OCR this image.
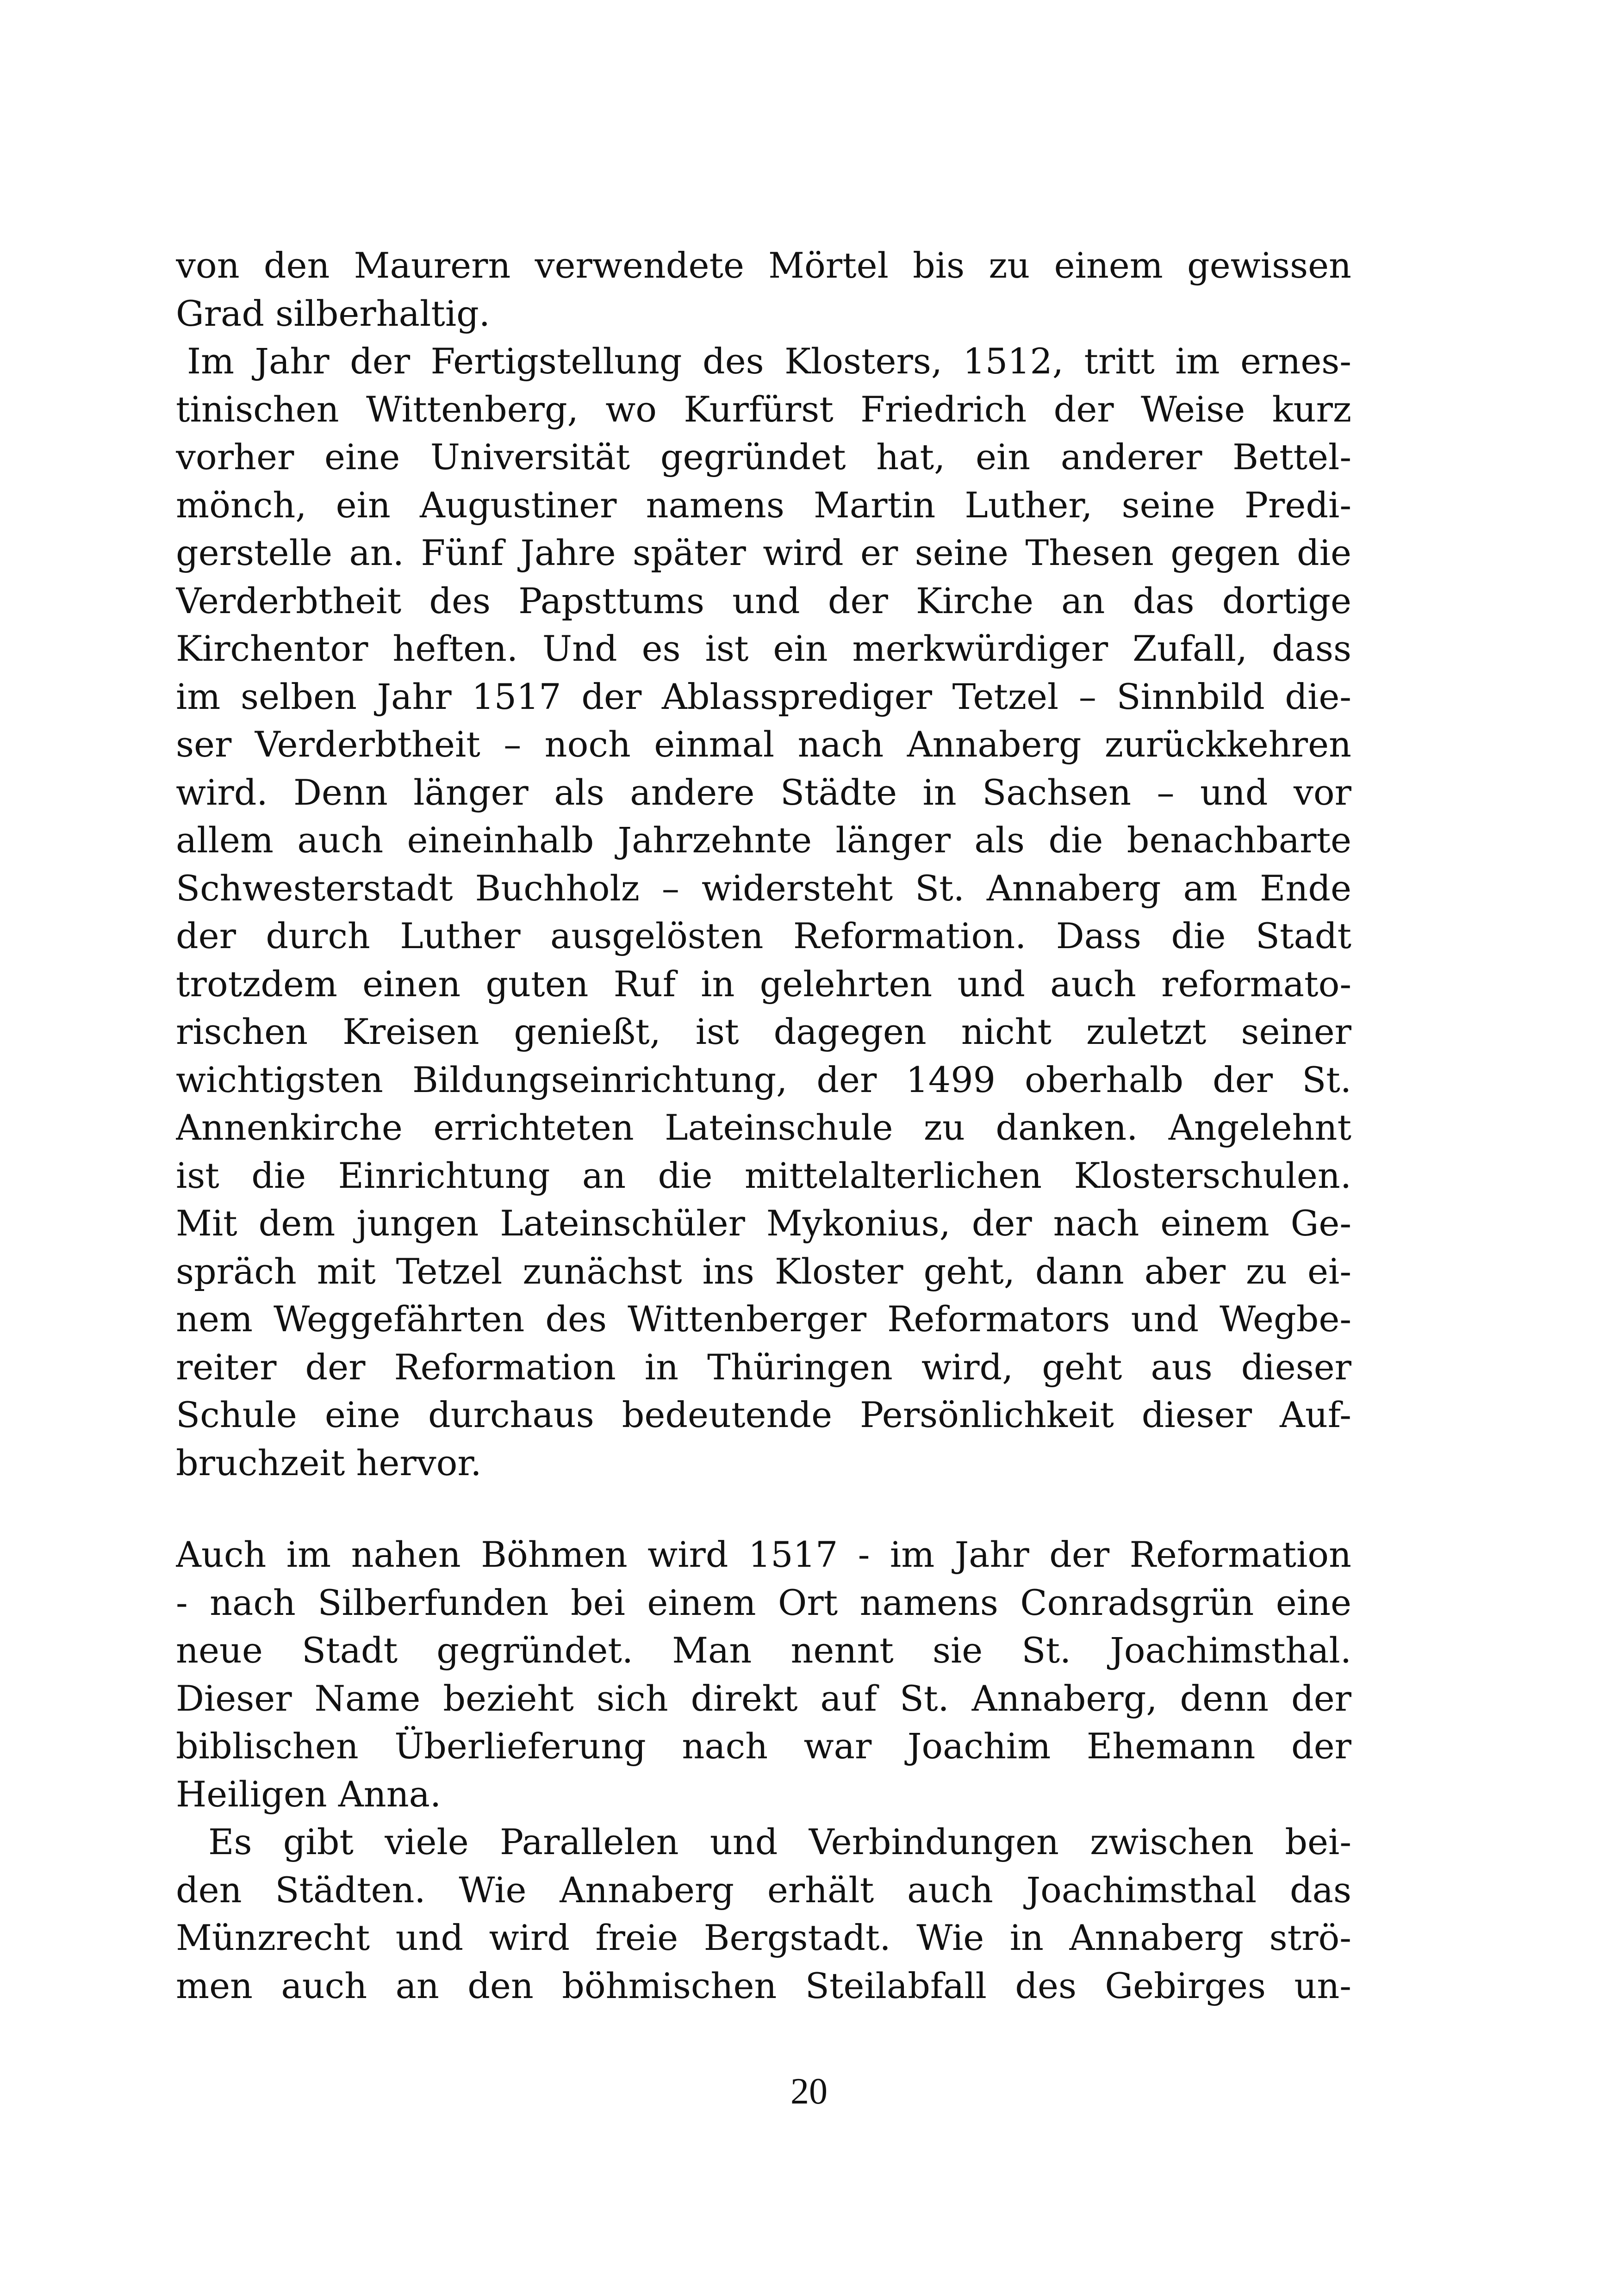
von den Maurern verwendete Mörtel bis zu einem gewissen
Grad silberhaltig.
Im Jahr der Fertigstellung des Klosters, 1512, tritt im ernes-
tinischen Wittenberg, wo Kurfürst Friedrich der Weise kurz
vorher eine Universität gegründet hat, ein anderer Bettel-
mönch, ein Augustiner namens Martin Luther, seine Predi-
gerstelle an. Fünf Jahre später wird er seine Thesen gegen die
Verderbtheit des Papsttums und der Kirche an das dortige
Kirchentor heften. Und es ist ein merkwürdiger Zufall, dass
im selben Jahr 1517 der Ablassprediger Tetzel – Sinnbild die-
ser Verderbtheit – noch einmal nach Annaberg zurückkehren
wird. Denn länger als andere Städte in Sachsen – und vor
allem auch eineinhalb Jahrzehnte länger als die benachbarte
Schwesterstadt Buchholz – widersteht St. Annaberg am Ende
der durch Luther ausgelösten Reformation. Dass die Stadt
trotzdem einen guten Ruf in gelehrten und auch reformato-
rischen Kreisen genießt, ist dagegen nicht zuletzt seiner
wichtigsten Bildungseinrichtung, der 1499 oberhalb der St.
Annenkirche errichteten Lateinschule zu danken. Angelehnt
ist die Einrichtung an die mittelalterlichen Klosterschulen.
Mit dem jungen Lateinschüler Mykonius, der nach einem Ge-
spräch mit Tetzel zunächst ins Kloster geht, dann aber zu ei-
nem Weggefährten des Wittenberger Reformators und Wegbe-
reiter der Reformation in Thüringen wird, geht aus dieser
Schule eine durchaus bedeutende Persönlichkeit dieser Auf-
bruchzeit hervor.
Auch im nahen Böhmen wird 1517 - im Jahr der Reformation
- nach Silberfunden bei einem Ort namens Conradsgrün eine
neue Stadt gegründet. Man nennt sie St. Joachimsthal.
Dieser Name bezieht sich direkt auf St. Annaberg, denn der
biblischen Überlieferung nach war Joachim Ehemann der
Heiligen Anna.
Es gibt viele Parallelen und Verbindungen zwischen bei-
den Städten. Wie Annaberg erhält auch Joachimsthal das
Münzrecht und wird freie Bergstadt. Wie in Annaberg strö-
men auch an den böhmischen Steilabfall des Gebirges un-
20
